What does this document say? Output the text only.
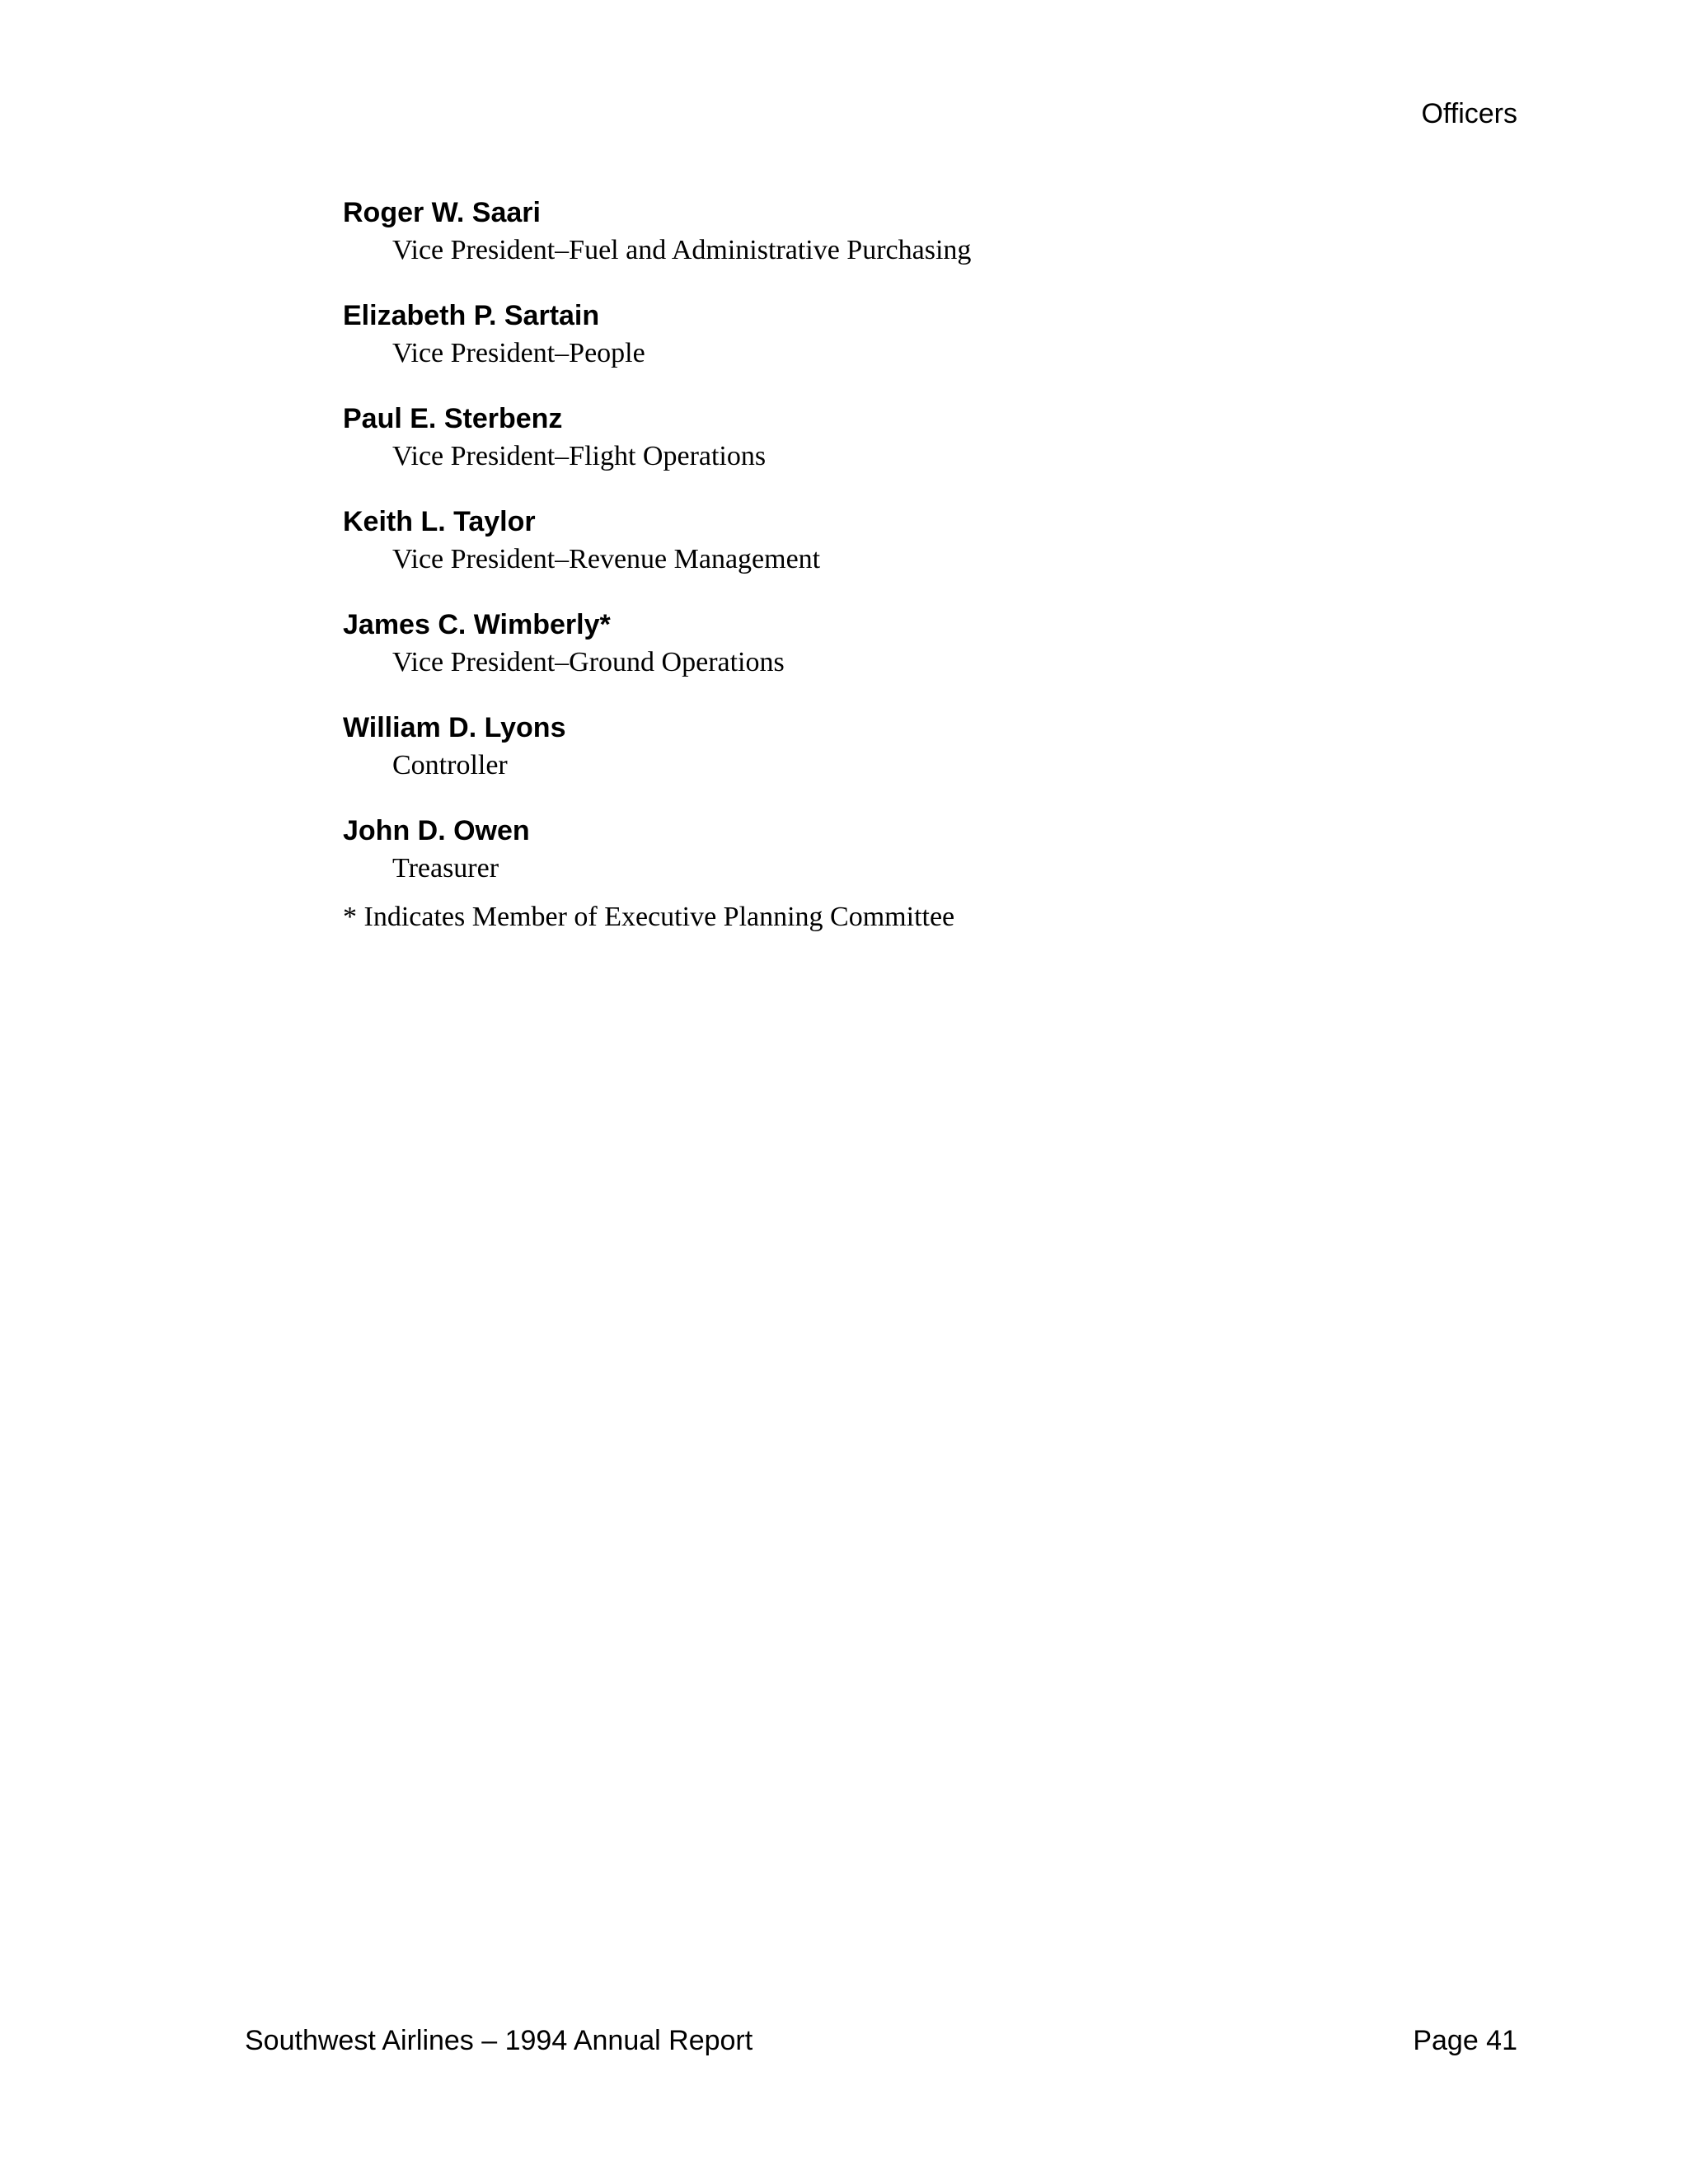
Officers
Roger W. Saari
Vice President–Fuel and Administrative Purchasing
Elizabeth P. Sartain
Vice President–People
Paul E. Sterbenz
Vice President–Flight Operations
Keith L. Taylor
Vice President–Revenue Management
James C. Wimberly*
Vice President–Ground Operations
William D. Lyons
Controller
John D. Owen
Treasurer
* Indicates Member of Executive Planning Committee
Southwest Airlines – 1994 Annual Report	Page 41
